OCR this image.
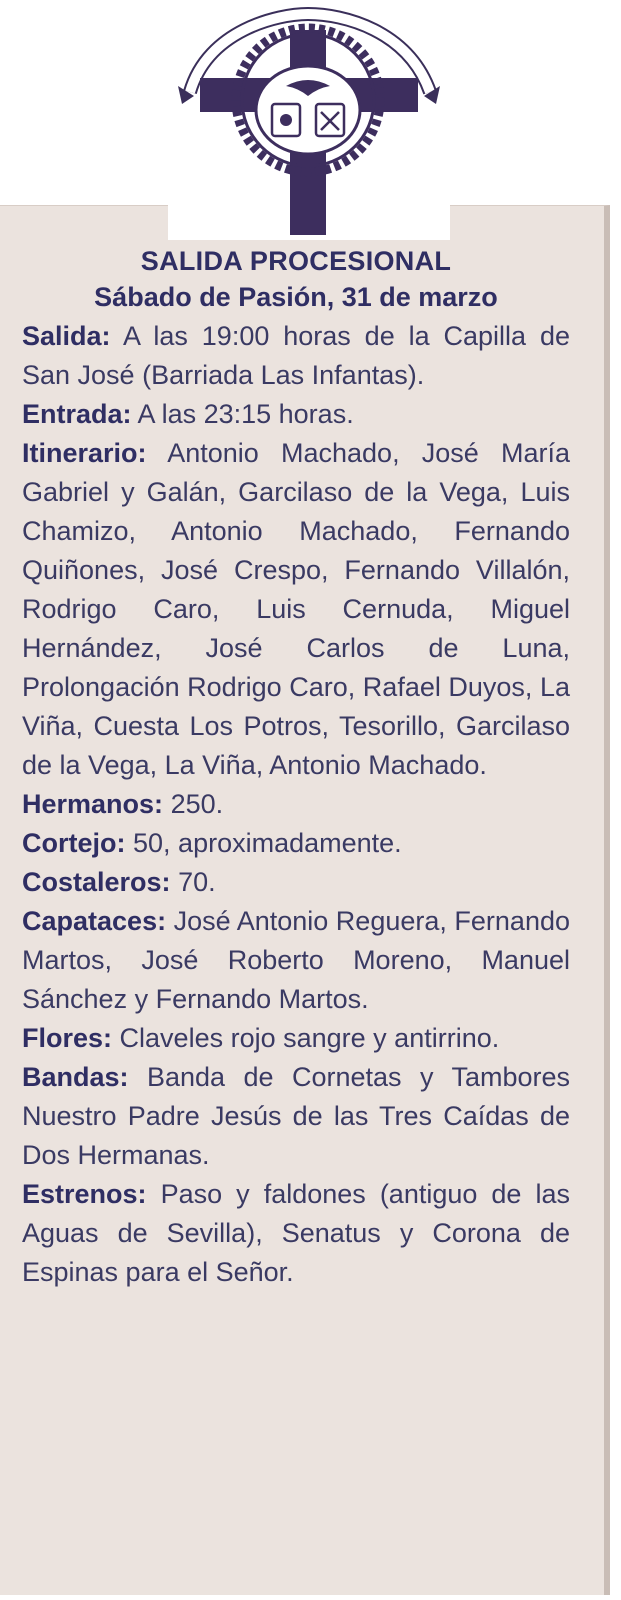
SALIDA PROCESIONAL
Sábado de Pasión, 31 de marzo

Salida: A las 19:00 horas de la Capilla de San José (Barriada Las Infantas).

Entrada: A las 23:15 horas.

Itinerario: Antonio Machado, José María Gabriel y Galán, Garcilaso de la Vega, Luis Chamizo, Antonio Machado, Fernando Quiñones, José Crespo, Fernando Villalón, Rodrigo Caro, Luis Cernuda, Miguel Hernández, José Carlos de Luna, Prolongación Rodrigo Caro, Rafael Duyos, La Viña, Cuesta Los Potros, Tesorillo, Garcilaso de la Vega, La Viña, Antonio Machado.

Hermanos: 250.

Cortejo: 50, aproximadamente.

Costaleros: 70.

Capataces: José Antonio Reguera, Fernando Martos, José Roberto Moreno, Manuel Sánchez y Fernando Martos.

Flores: Claveles rojo sangre y antirrino.

Bandas: Banda de Cornetas y Tambores Nuestro Padre Jesús de las Tres Caídas de Dos Hermanas.

Estrenos: Paso y faldones (antiguo de las Aguas de Sevilla), Senatus y Corona de Espinas para el Señor.
